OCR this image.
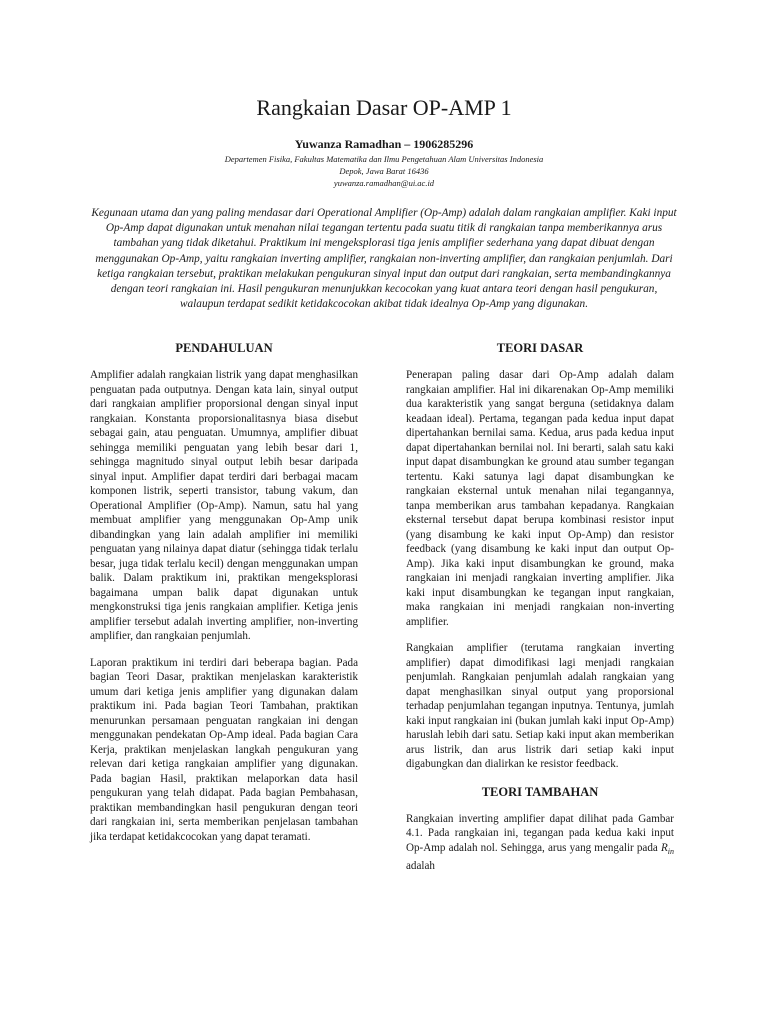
Rangkaian Dasar OP-AMP 1
Yuwanza Ramadhan – 1906285296
Departemen Fisika, Fakultas Matematika dan Ilmu Pengetahuan Alam Universitas Indonesia
Depok, Jawa Barat 16436
yuwanza.ramadhan@ui.ac.id

Kegunaan utama dan yang paling mendasar dari Operational Amplifier (Op-Amp) adalah dalam rangkaian amplifier. Kaki input Op-Amp dapat digunakan untuk menahan nilai tegangan tertentu pada suatu titik di rangkaian tanpa memberikannya arus tambahan yang tidak diketahui. Praktikum ini mengeksplorasi tiga jenis amplifier sederhana yang dapat dibuat dengan menggunakan Op-Amp, yaitu rangkaian inverting amplifier, rangkaian non-inverting amplifier, dan rangkaian penjumlah. Dari ketiga rangkaian tersebut, praktikan melakukan pengukuran sinyal input dan output dari rangkaian, serta membandingkannya dengan teori rangkaian ini. Hasil pengukuran menunjukkan kecocokan yang kuat antara teori dengan hasil pengukuran, walaupun terdapat sedikit ketidakcocokan akibat tidak idealnya Op-Amp yang digunakan.

PENDAHULUAN

Amplifier adalah rangkaian listrik yang dapat menghasilkan penguatan pada outputnya. Dengan kata lain, sinyal output dari rangkaian amplifier proporsional dengan sinyal input rangkaian. Konstanta proporsionalitasnya biasa disebut sebagai gain, atau penguatan. Umumnya, amplifier dibuat sehingga memiliki penguatan yang lebih besar dari 1, sehingga magnitudo sinyal output lebih besar daripada sinyal input. Amplifier dapat terdiri dari berbagai macam komponen listrik, seperti transistor, tabung vakum, dan Operational Amplifier (Op-Amp). Namun, satu hal yang membuat amplifier yang menggunakan Op-Amp unik dibandingkan yang lain adalah amplifier ini memiliki penguatan yang nilainya dapat diatur (sehingga tidak terlalu besar, juga tidak terlalu kecil) dengan menggunakan umpan balik. Dalam praktikum ini, praktikan mengeksplorasi bagaimana umpan balik dapat digunakan untuk mengkonstruksi tiga jenis rangkaian amplifier. Ketiga jenis amplifier tersebut adalah inverting amplifier, non-inverting amplifier, dan rangkaian penjumlah.

Laporan praktikum ini terdiri dari beberapa bagian. Pada bagian Teori Dasar, praktikan menjelaskan karakteristik umum dari ketiga jenis amplifier yang digunakan dalam praktikum ini. Pada bagian Teori Tambahan, praktikan menurunkan persamaan penguatan rangkaian ini dengan menggunakan pendekatan Op-Amp ideal. Pada bagian Cara Kerja, praktikan menjelaskan langkah pengukuran yang relevan dari ketiga rangkaian amplifier yang digunakan. Pada bagian Hasil, praktikan melaporkan data hasil pengukuran yang telah didapat. Pada bagian Pembahasan, praktikan membandingkan hasil pengukuran dengan teori dari rangkaian ini, serta memberikan penjelasan tambahan jika terdapat ketidakcocokan yang dapat teramati.

TEORI DASAR

Penerapan paling dasar dari Op-Amp adalah dalam rangkaian amplifier. Hal ini dikarenakan Op-Amp memiliki dua karakteristik yang sangat berguna (setidaknya dalam keadaan ideal). Pertama, tegangan pada kedua input dapat dipertahankan bernilai sama. Kedua, arus pada kedua input dapat dipertahankan bernilai nol. Ini berarti, salah satu kaki input dapat disambungkan ke ground atau sumber tegangan tertentu. Kaki satunya lagi dapat disambungkan ke rangkaian eksternal untuk menahan nilai tegangannya, tanpa memberikan arus tambahan kepadanya. Rangkaian eksternal tersebut dapat berupa kombinasi resistor input (yang disambung ke kaki input Op-Amp) dan resistor feedback (yang disambung ke kaki input dan output Op-Amp). Jika kaki input disambungkan ke ground, maka rangkaian ini menjadi rangkaian inverting amplifier. Jika kaki input disambungkan ke tegangan input rangkaian, maka rangkaian ini menjadi rangkaian non-inverting amplifier.

Rangkaian amplifier (terutama rangkaian inverting amplifier) dapat dimodifikasi lagi menjadi rangkaian penjumlah. Rangkaian penjumlah adalah rangkaian yang dapat menghasilkan sinyal output yang proporsional terhadap penjumlahan tegangan inputnya. Tentunya, jumlah kaki input rangkaian ini (bukan jumlah kaki input Op-Amp) haruslah lebih dari satu. Setiap kaki input akan memberikan arus listrik, dan arus listrik dari setiap kaki input digabungkan dan dialirkan ke resistor feedback.

TEORI TAMBAHAN

Rangkaian inverting amplifier dapat dilihat pada Gambar 4.1. Pada rangkaian ini, tegangan pada kedua kaki input Op-Amp adalah nol. Sehingga, arus yang mengalir pada $R_{in}$ adalah
